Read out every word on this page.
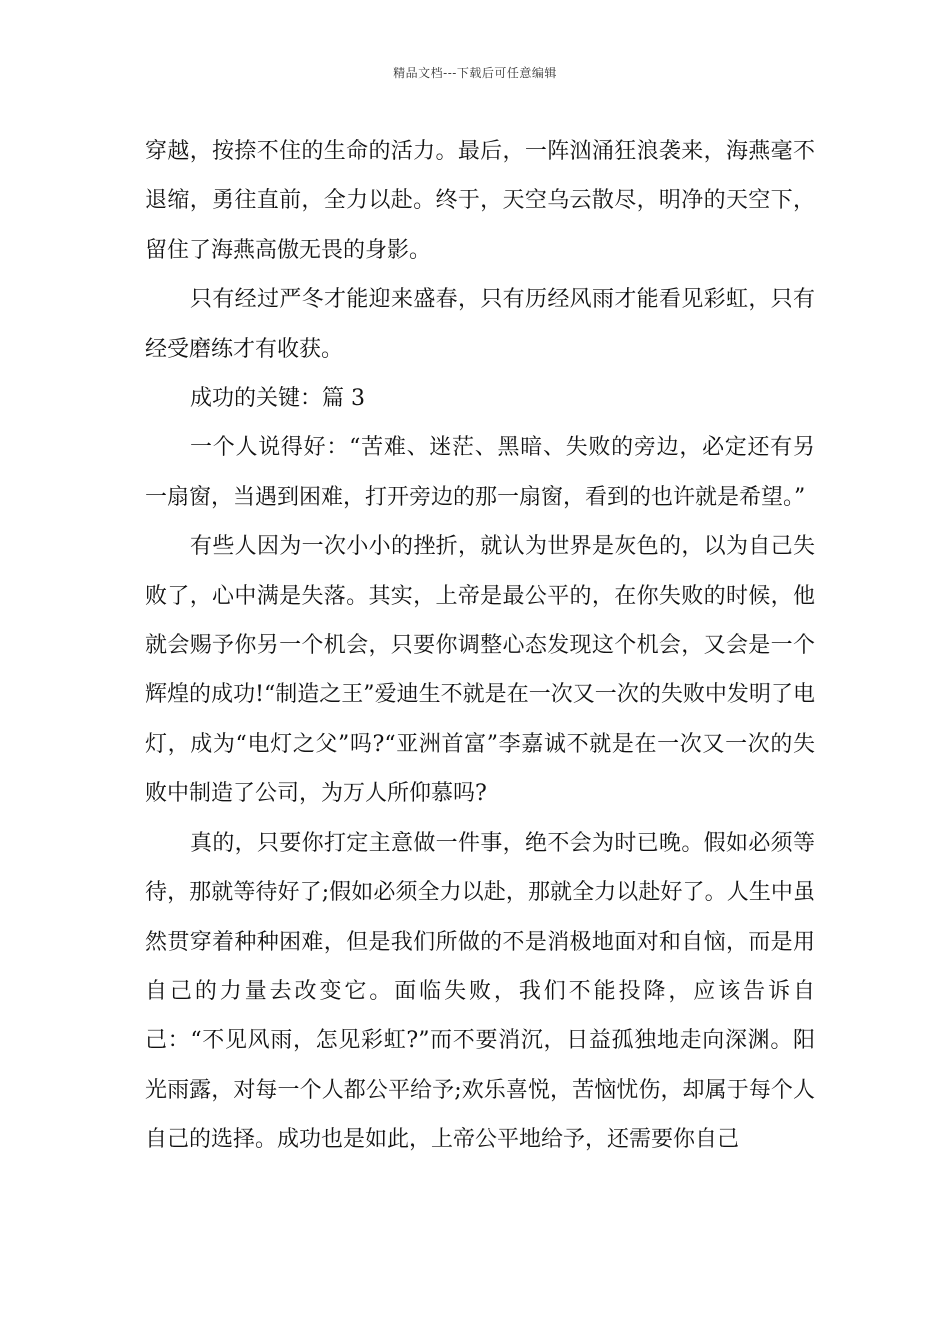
精品文档---下载后可任意编辑

穿越，按捺不住的生命的活力。最后，一阵汹涌狂浪袭来，海燕毫不退缩，勇往直前，全力以赴。终于，天空乌云散尽，明净的天空下，留住了海燕高傲无畏的身影。

只有经过严冬才能迎来盛春，只有历经风雨才能看见彩虹，只有经受磨练才有收获。

成功的关键：篇 3

一个人说得好：“苦难、迷茫、黑暗、失败的旁边，必定还有另一扇窗，当遇到困难，打开旁边的那一扇窗，看到的也许就是希望。”

有些人因为一次小小的挫折，就认为世界是灰色的，以为自己失败了，心中满是失落。其实，上帝是最公平的，在你失败的时候，他就会赐予你另一个机会，只要你调整心态发现这个机会，又会是一个辉煌的成功!“制造之王”爱迪生不就是在一次又一次的失败中发明了电灯，成为“电灯之父”吗?“亚洲首富”李嘉诚不就是在一次又一次的失败中制造了公司，为万人所仰慕吗?

真的，只要你打定主意做一件事，绝不会为时已晚。假如必须等待，那就等待好了;假如必须全力以赴，那就全力以赴好了。人生中虽然贯穿着种种困难，但是我们所做的不是消极地面对和自恼，而是用自己的力量去改变它。面临失败，我们不能投降，应该告诉自己：“不见风雨，怎见彩虹?”而不要消沉，日益孤独地走向深渊。阳光雨露，对每一个人都公平给予;欢乐喜悦，苦恼忧伤，却属于每个人自己的选择。成功也是如此，上帝公平地给予，还需要你自己
